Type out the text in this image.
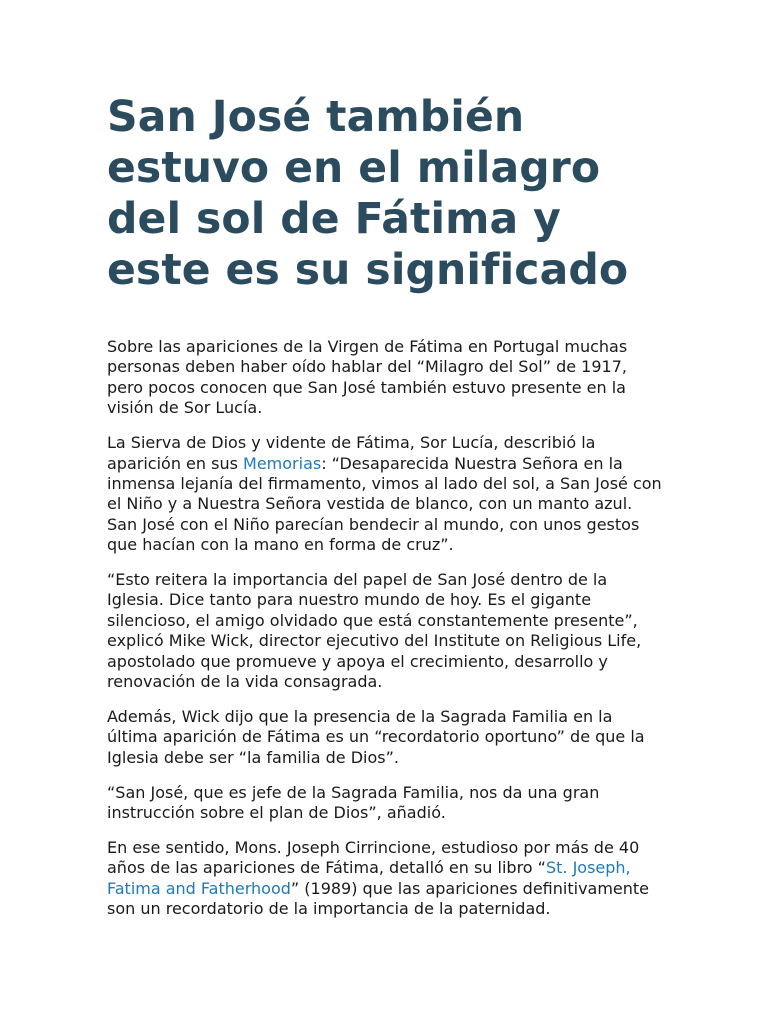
San José también estuvo en el milagro del sol de Fátima y este es su significado

Sobre las apariciones de la Virgen de Fátima en Portugal muchas personas deben haber oído hablar del “Milagro del Sol” de 1917, pero pocos conocen que San José también estuvo presente en la visión de Sor Lucía.

La Sierva de Dios y vidente de Fátima, Sor Lucía, describió la aparición en sus Memorias: “Desaparecida Nuestra Señora en la inmensa lejanía del firmamento, vimos al lado del sol, a San José con el Niño y a Nuestra Señora vestida de blanco, con un manto azul. San José con el Niño parecían bendecir al mundo, con unos gestos que hacían con la mano en forma de cruz”.

“Esto reitera la importancia del papel de San José dentro de la Iglesia. Dice tanto para nuestro mundo de hoy. Es el gigante silencioso, el amigo olvidado que está constantemente presente”, explicó Mike Wick, director ejecutivo del Institute on Religious Life, apostolado que promueve y apoya el crecimiento, desarrollo y renovación de la vida consagrada.

Además, Wick dijo que la presencia de la Sagrada Familia en la última aparición de Fátima es un “recordatorio oportuno” de que la Iglesia debe ser “la familia de Dios”.

“San José, que es jefe de la Sagrada Familia, nos da una gran instrucción sobre el plan de Dios”, añadió.

En ese sentido, Mons. Joseph Cirrincione, estudioso por más de 40 años de las apariciones de Fátima, detalló en su libro “St. Joseph, Fatima and Fatherhood” (1989) que las apariciones definitivamente son un recordatorio de la importancia de la paternidad.
